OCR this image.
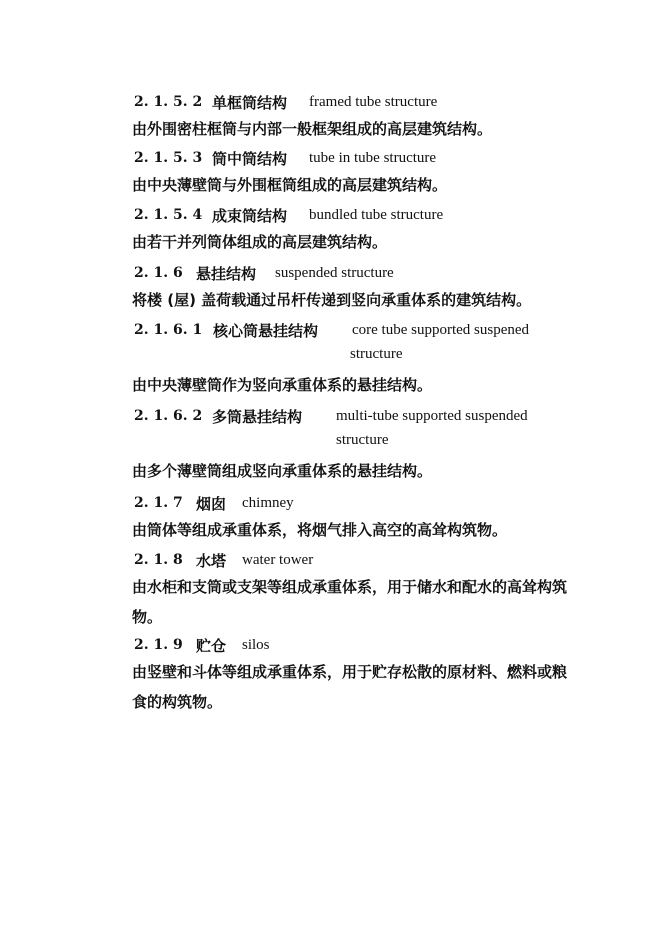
2. 1. 5. 2 单框筒结构 framed tube structure
由外围密柱框筒与内部一般框架组成的高层建筑结构。
2. 1. 5. 3 筒中筒结构 tube in tube structure
由中央薄壁筒与外围框筒组成的高层建筑结构。
2. 1. 5. 4 成束筒结构 bundled tube structure
由若干并列筒体组成的高层建筑结构。
2. 1. 6 悬挂结构 suspended structure
将楼 (屋) 盖荷载通过吊杆传递到竖向承重体系的建筑结构。
2. 1. 6. 1 核心筒悬挂结构 core tube supported suspened
structure
由中央薄壁筒作为竖向承重体系的悬挂结构。
2. 1. 6. 2 多筒悬挂结构 multi-tube supported suspended
structure
由多个薄壁筒组成竖向承重体系的悬挂结构。
2. 1. 7 烟囱 chimney
由筒体等组成承重体系，将烟气排入高空的高耸构筑物。
2. 1. 8 水塔 water tower
由水柜和支筒或支架等组成承重体系，用于储水和配水的高耸构筑物。
2. 1. 9 贮仓 silos
由竖壁和斗体等组成承重体系，用于贮存松散的原材料、燃料或粮食的构筑物。
